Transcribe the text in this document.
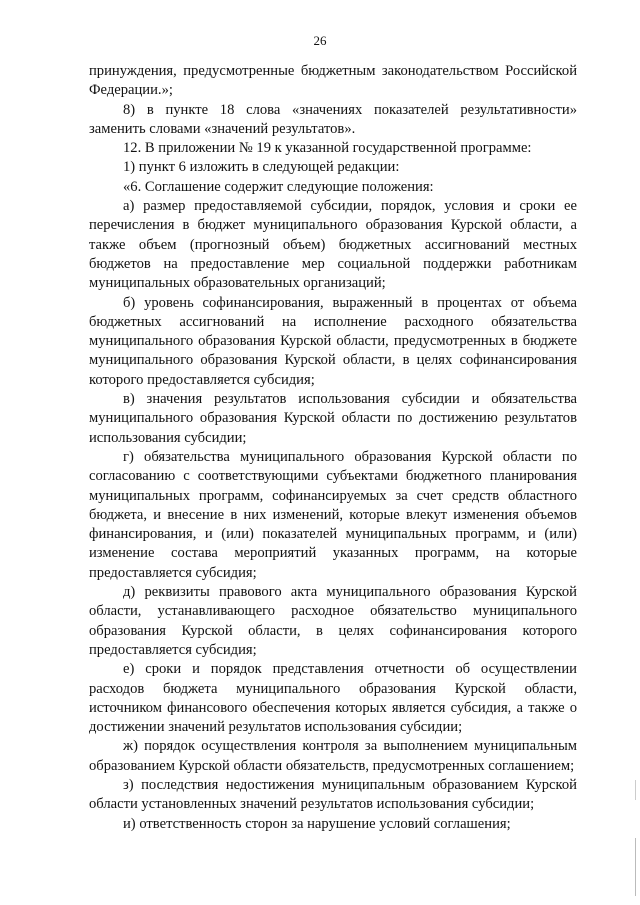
26

принуждения, предусмотренные бюджетным законодательством Российской Федерации.»;

8) в пункте 18 слова «значениях показателей результативности» заменить словами «значений результатов».

12. В приложении № 19 к указанной государственной программе:

1) пункт 6 изложить в следующей редакции:

«6. Соглашение содержит следующие положения:

а) размер предоставляемой субсидии, порядок, условия и сроки ее перечисления в бюджет муниципального образования Курской области, а также объем (прогнозный объем) бюджетных ассигнований местных бюджетов на предоставление мер социальной поддержки работникам муниципальных образовательных организаций;

б) уровень софинансирования, выраженный в процентах от объема бюджетных ассигнований на исполнение расходного обязательства муниципального образования Курской области, предусмотренных в бюджете муниципального образования Курской области, в целях софинансирования которого предоставляется субсидия;

в) значения результатов использования субсидии и обязательства муниципального образования Курской области по достижению результатов использования субсидии;

г) обязательства муниципального образования Курской области по согласованию с соответствующими субъектами бюджетного планирования муниципальных программ, софинансируемых за счет средств областного бюджета, и внесение в них изменений, которые влекут изменения объемов финансирования, и (или) показателей муниципальных программ, и (или) изменение состава мероприятий указанных программ, на которые предоставляется субсидия;

д) реквизиты правового акта муниципального образования Курской области, устанавливающего расходное обязательство муниципального образования Курской области, в целях софинансирования которого предоставляется субсидия;

е) сроки и порядок представления отчетности об осуществлении расходов бюджета муниципального образования Курской области, источником финансового обеспечения которых является субсидия, а также о достижении значений результатов использования субсидии;

ж) порядок осуществления контроля за выполнением муниципальным образованием Курской области обязательств, предусмотренных соглашением;

з) последствия недостижения муниципальным образованием Курской области установленных значений результатов использования субсидии;

и) ответственность сторон за нарушение условий соглашения;
